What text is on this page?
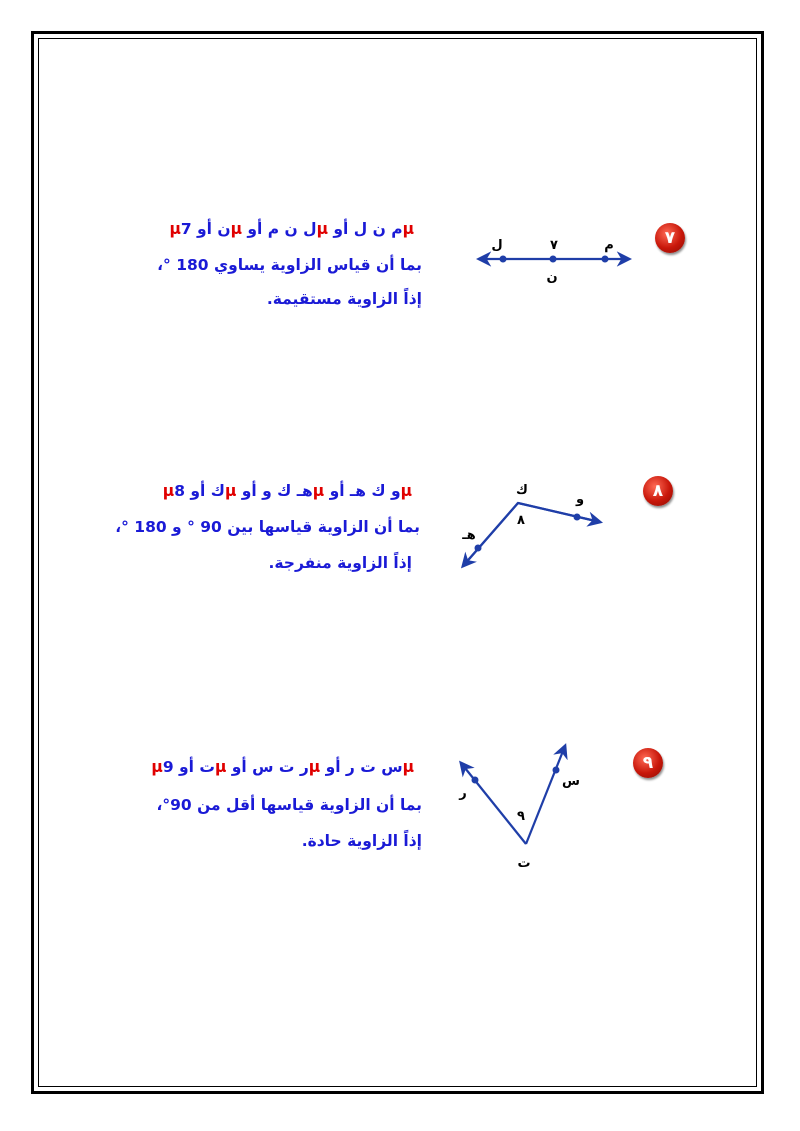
٧
μم ن ل أو μل ن م أو μن أو μ7
بما أن قياس الزاوية يساوي 180 °،
إذاً الزاوية مستقيمة.
٨
μو ك هـ أو μهـ ك و أو μك أو μ8
بما أن الزاوية قياسها بين 90 ° و 180 °،
إذاً الزاوية منفرجة.
٩
μس ت ر أو μر ت س أو μت أو μ9
بما أن الزاوية قياسها أقل من 90°،
إذاً الزاوية حادة.
ل	٧	م
ن
ك
و
هـ
٨
ر
س
٩
ت
